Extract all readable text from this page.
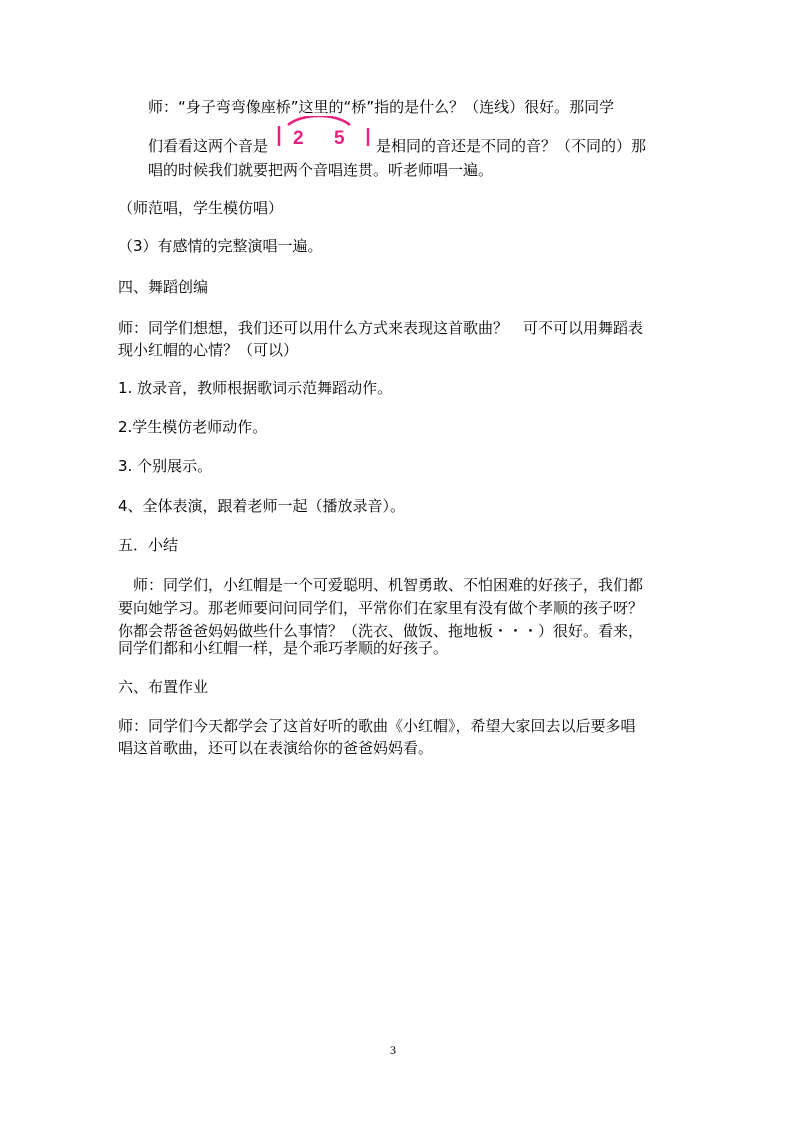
师：“身子弯弯像座桥”这里的“桥”指的是什么？（连线）很好。那同学
们看看这两个音是 2 5 是相同的音还是不同的音？（不同的）那
唱的时候我们就要把两个音唱连贯。听老师唱一遍。
（师范唱，学生模仿唱）
（3）有感情的完整演唱一遍。
四、舞蹈创编
师：同学们想想，我们还可以用什么方式来表现这首歌曲？　可不可以用舞蹈表
现小红帽的心情？（可以）
1. 放录音，教师根据歌词示范舞蹈动作。
2.学生模仿老师动作。
3. 个别展示。
4、全体表演，跟着老师一起（播放录音）。
五．小结
　师：同学们，小红帽是一个可爱聪明、机智勇敢、不怕困难的好孩子，我们都
要向她学习。那老师要问问同学们，平常你们在家里有没有做个孝顺的孩子呀？
你都会帮爸爸妈妈做些什么事情？（洗衣、做饭、拖地板・・・）很好。看来，
同学们都和小红帽一样，是个乖巧孝顺的好孩子。
六、布置作业
师：同学们今天都学会了这首好听的歌曲《小红帽》，希望大家回去以后要多唱
唱这首歌曲，还可以在表演给你的爸爸妈妈看。
3
